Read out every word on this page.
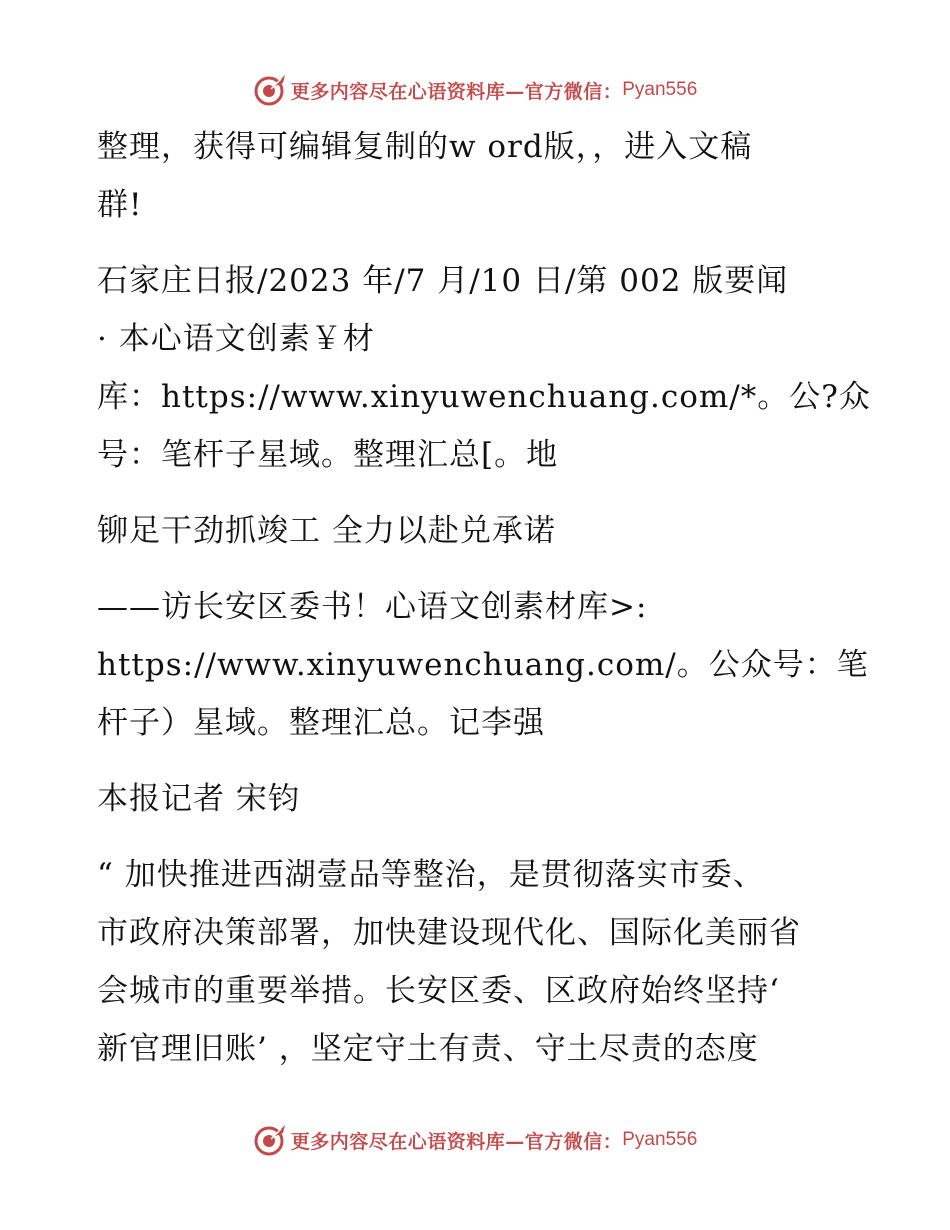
更多内容尽在心语资料库—官方微信： Pyan556
整理，获得可编辑复制的w ord版，，进入文稿
群!
石家庄日报/2023 年/7 月/10 日/第 002 版要闻
· 本心语文创素￥材
库：https://www.xinyuwenchuang.com/*。公?众
号：笔杆子星域。整理汇总[。地
铆足干劲抓竣工 全力以赴兑承诺
——访长安区委书！心语文创素材库>:
https://www.xinyuwenchuang.com/。公众号：笔
杆子）星域。整理汇总。记李强
本报记者 宋钧
“ 加快推进西湖壹品等整治，是贯彻落实市委、
市政府决策部署，加快建设现代化、国际化美丽省
会城市的重要举措。长安区委、区政府始终坚持‘
新官理旧账’ ，坚定守土有责、守土尽责的态度
更多内容尽在心语资料库—官方微信： Pyan556
